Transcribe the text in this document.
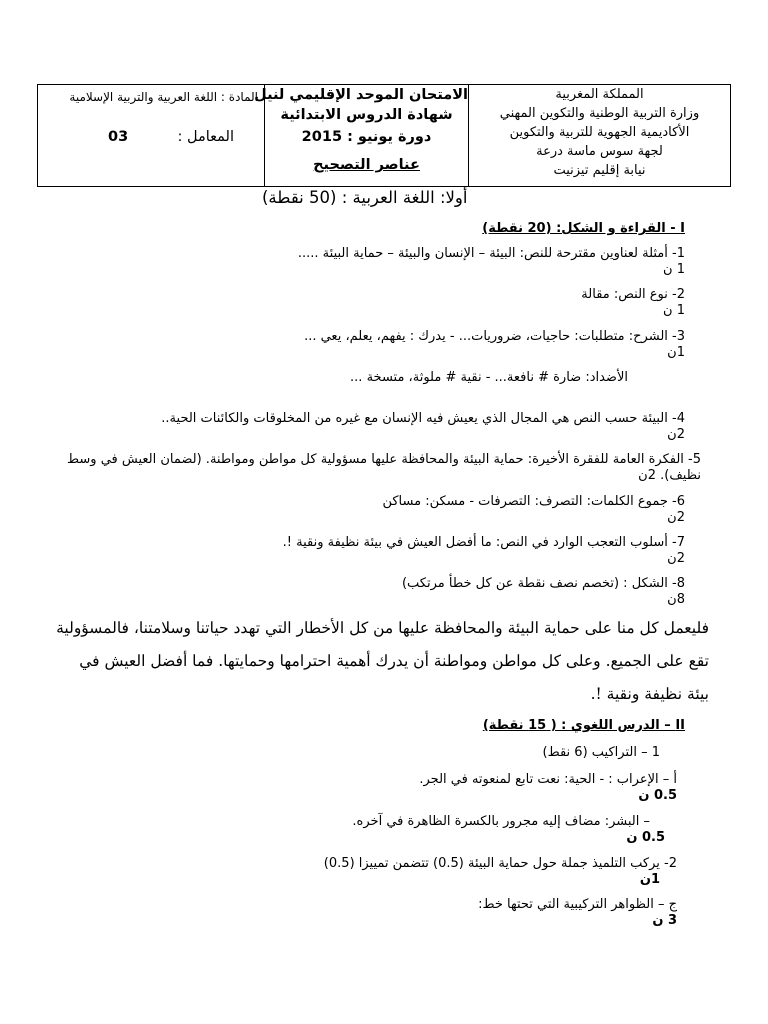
المملكة المغربية
وزارة التربية الوطنية والتكوين المهني
الأكاديمية الجهوية للتربية والتكوين
لجهة سوس ماسة درعة
نيابة إقليم تيزنيت
الامتحان الموحد الإقليمي لنيل
شهادة الدروس الابتدائية
دورة يونيو : 2015
عناصر التصحيح
المادة : اللغة العربية والتربية الإسلامية
المعامل :
03
أولا: اللغة العربية : (50 نقطة)
I - القراءة و الشكل: (20 نقطة)
1- أمثلة لعناوين مقترحة للنص: البيئة – الإنسان والبيئة – حماية البيئة .....
1 ن
2- نوع النص: مقالة
1 ن
3- الشرح: متطلبات: حاجيات، ضروريات... - يدرك : يفهم، يعلم، يعي ...
1ن
الأضداد: ضارة # نافعة... - نقية # ملوثة، متسخة ...
4- البيئة حسب النص هي المجال الذي يعيش فيه الإنسان مع غيره من المخلوقات والكائنات الحية..
2ن
5- الفكرة العامة للفقرة الأخيرة: حماية البيئة والمحافظة عليها مسؤولية كل مواطن ومواطنة. (لضمان العيش في وسط
نظيف). 2ن
6- جموع الكلمات: التصرف: التصرفات - مسكن: مساكن
2ن
7- أسلوب التعجب الوارد في النص: ما أفضل العيش في بيئة نظيفة ونقية !.
2ن
8- الشكل : (تخصم نصف نقطة عن كل خطأ مرتكب)
8ن
فليعمل كل منا على حماية البيئة والمحافظة عليها من كل الأخطار التي تهدد حياتنا وسلامتنا، فالمسؤولية
تقع على الجميع. وعلى كل مواطن ومواطنة أن يدرك أهمية احترامها وحمايتها. فما أفضل العيش في
بيئة نظيفة ونقية !.
II – الدرس اللغوي : ( 15 نقطة)
1 – التراكيب (6 نقط)
أ – الإعراب : - الحية: نعت تابع لمنعوته في الجر.
0.5 ن
– البشر: مضاف إليه مجرور بالكسرة الظاهرة في آخره.
0.5 ن
2- يركب التلميذ جملة حول حماية البيئة (0.5) تتضمن تمييزا (0.5)
1ن
ج – الظواهر التركيبية التي تحتها خط:
3 ن
